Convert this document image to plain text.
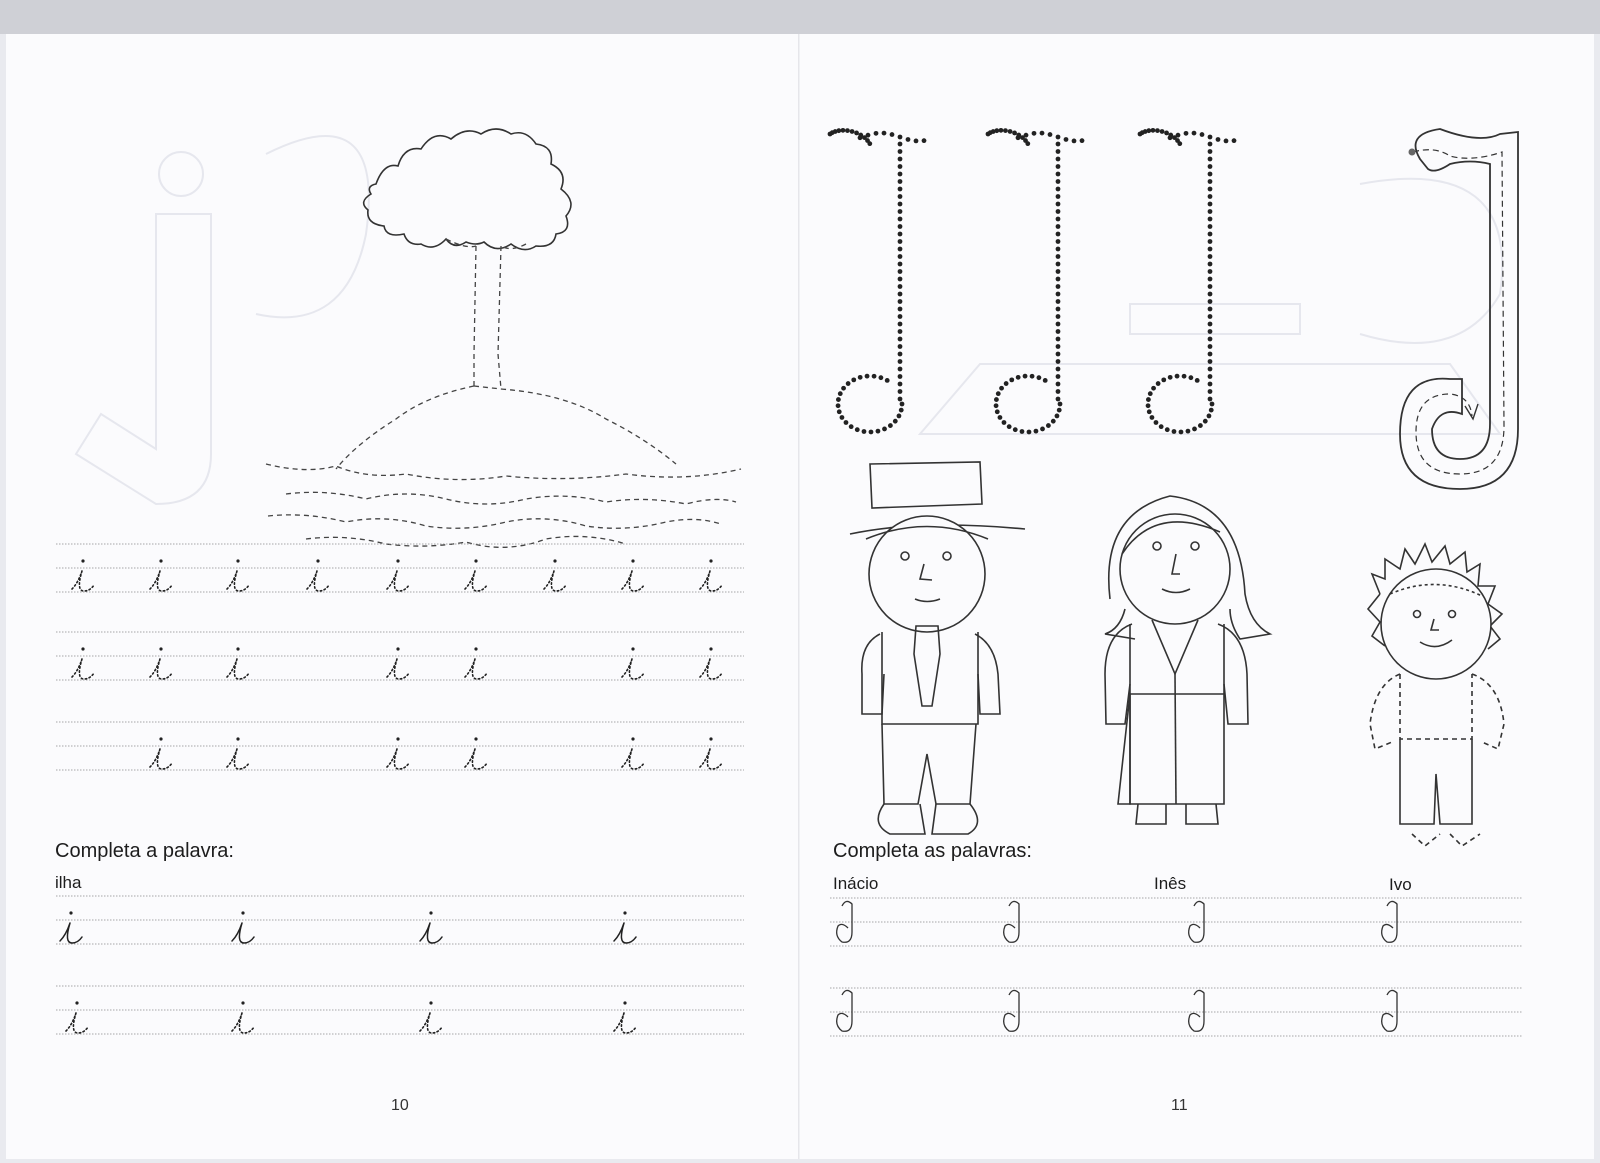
Completa a palavra:
ilha
10
Completa as palavras:
Inácio	Inês	Ivo
11
